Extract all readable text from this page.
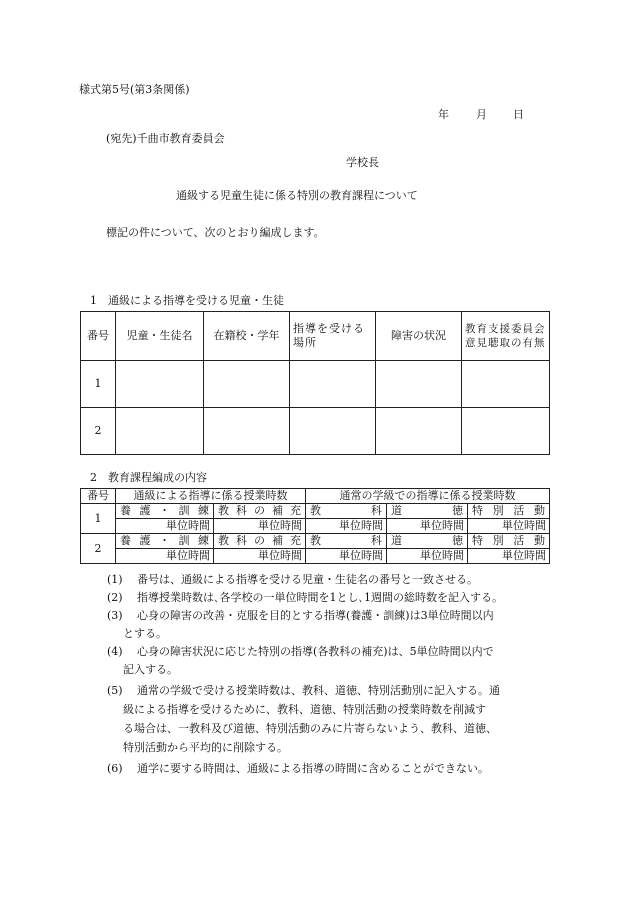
様式第5号(第3条関係)
年 月 日
(宛先)千曲市教育委員会
学校長
通級する児童生徒に係る特別の教育課程について
標記の件について、次のとおり編成します。
1　通級による指導を受ける児童・生徒
番号	児童・生徒名	在籍校・学年	指導を受ける場所	障害の状況	教育支援委員会意見聴取の有無
1					
2					
2　教育課程編成の内容
番号	通級による指導に係る授業時数		通常の学級での指導に係る授業時数		
1	養護・訓練	教科の補充	教科	道徳	特別活動
	単位時間	単位時間	単位時間	単位時間	単位時間
2	養護・訓練	教科の補充	教科	道徳	特別活動
	単位時間	単位時間	単位時間	単位時間	単位時間
(1) 番号は、通級による指導を受ける児童・生徒名の番号と一致させる。
(2) 指導授業時数は､各学校の一単位時間を1とし､1週間の総時数を記入する。
(3) 心身の障害の改善・克服を目的とする指導(養護・訓練)は3単位時間以内
とする。
(4) 心身の障害状況に応じた特別の指導(各教科の補充)は、5単位時間以内で
記入する。
(5) 通常の学級で受ける授業時数は、教科、道徳、特別活動別に記入する。通
級による指導を受けるために、教科、道徳、特別活動の授業時数を削減す
る場合は、一教科及び道徳、特別活動のみに片寄らないよう、教科、道徳、
特別活動から平均的に削除する。
(6) 通学に要する時間は、通級による指導の時間に含めることができない。
